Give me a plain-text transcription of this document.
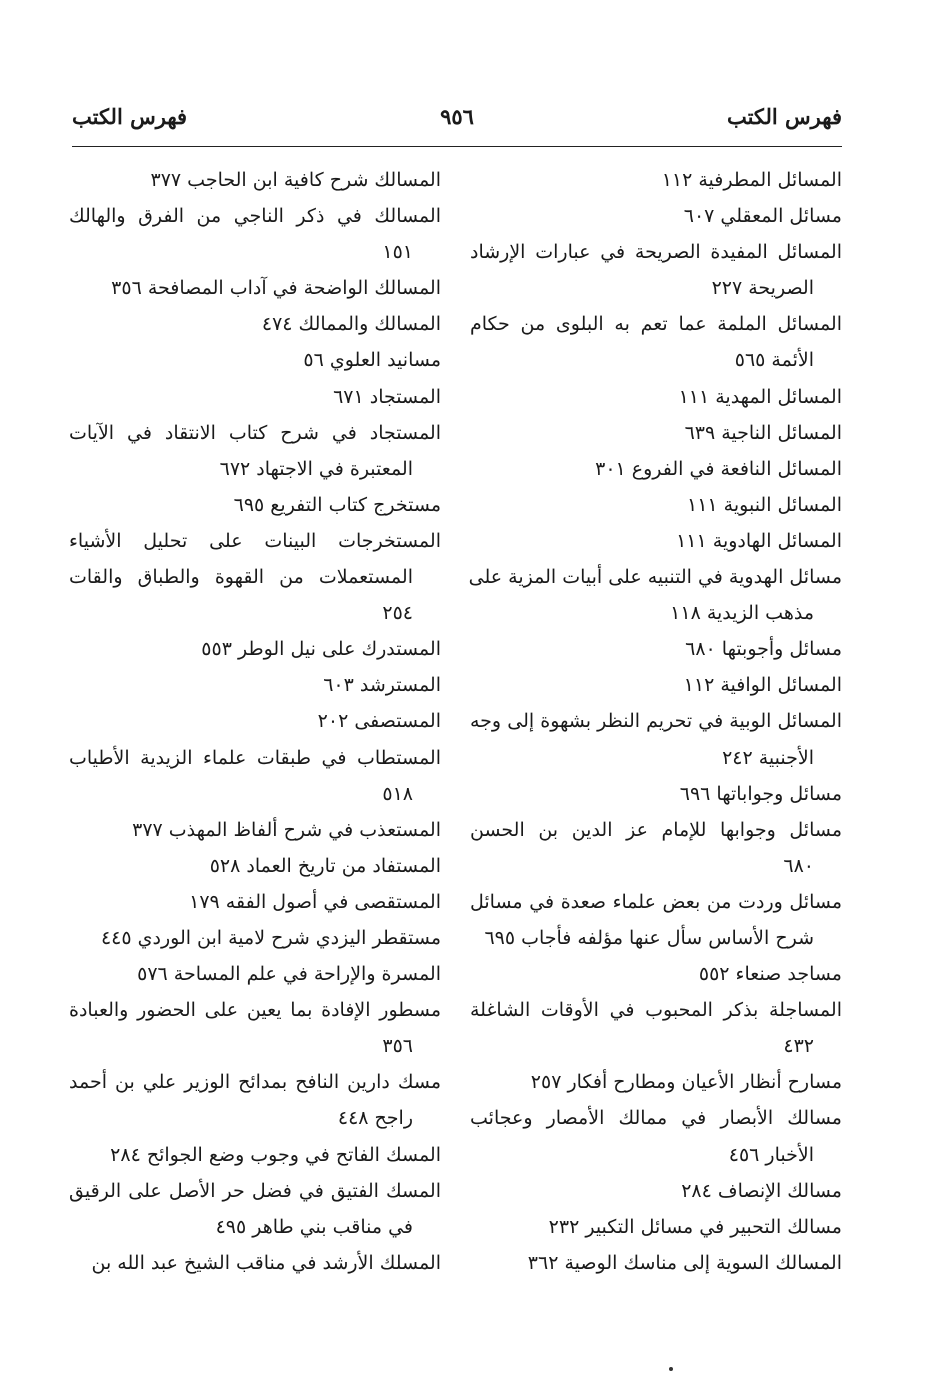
فهرس الكتب
٩٥٦
فهرس الكتب
المسائل المطرفية ١١٢
مسائل المعقلي ٦٠٧
المسائل المفيدة الصريحة في عبارات الإرشاد
الصريحة ٢٢٧
المسائل الملمة عما تعم به البلوى من حكام
الأئمة ٥٦٥
المسائل المهدية ١١١
المسائل الناجية ٦٣٩
المسائل النافعة في الفروع ٣٠١
المسائل النبوية ١١١
المسائل الهادوية ١١١
مسائل الهدوية في التنبيه على أبيات المزية على
مذهب الزيدية ١١٨
مسائل وأجوبتها ٦٨٠
المسائل الوافية ١١٢
المسائل الوبية في تحريم النظر بشهوة إلى وجه
الأجنبية ٢٤٢
مسائل وجواباتها ٦٩٦
مسائل وجوابها للإمام عز الدين بن الحسن
٦٨٠
مسائل وردت من بعض علماء صعدة في مسائل
شرح الأساس سأل عنها مؤلفه فأجاب ٦٩٥
مساجد صنعاء ٥٥٢
المساجلة بذكر المحبوب في الأوقات الشاغلة
٤٣٢
مسارح أنظار الأعيان ومطارح أفكار ٢٥٧
مسالك الأبصار في ممالك الأمصار وعجائب
الأخبار ٤٥٦
مسالك الإنصاف ٢٨٤
مسالك التحبير في مسائل التكبير ٢٣٢
المسالك السوية إلى مناسك الوصية ٣٦٢
المسالك شرح كافية ابن الحاجب ٣٧٧
المسالك في ذكر الناجي من الفرق والهالك
١٥١
المسالك الواضحة في آداب المصافحة ٣٥٦
المسالك والممالك ٤٧٤
مسانيد العلوي ٥٦
المستجاد ٦٧١
المستجاد في شرح كتاب الانتقاد في الآيات
المعتبرة في الاجتهاد ٦٧٢
مستخرج كتاب التفريع ٦٩٥
المستخرجات البينات على تحليل الأشياء
المستعملات من القهوة والطباق والقات
٢٥٤
المستدرك على نيل الوطر ٥٥٣
المسترشد ٦٠٣
المستصفى ٢٠٢
المستطاب في طبقات علماء الزيدية الأطياب
٥١٨
المستعذب في شرح ألفاظ المهذب ٣٧٧
المستفاد من تاريخ العماد ٥٢٨
المستقصى في أصول الفقه ١٧٩
مستقطر اليزدي شرح لامية ابن الوردي ٤٤٥
المسرة والإراحة في علم المساحة ٥٧٦
مسطور الإفادة بما يعين على الحضور والعبادة
٣٥٦
مسك دارين النافح بمدائح الوزير علي بن أحمد
راجح ٤٤٨
المسك الفاتح في وجوب وضع الجوائح ٢٨٤
المسك الفتيق في فضل حر الأصل على الرقيق
في مناقب بني طاهر ٤٩٥
المسلك الأرشد في مناقب الشيخ عبد الله بن
